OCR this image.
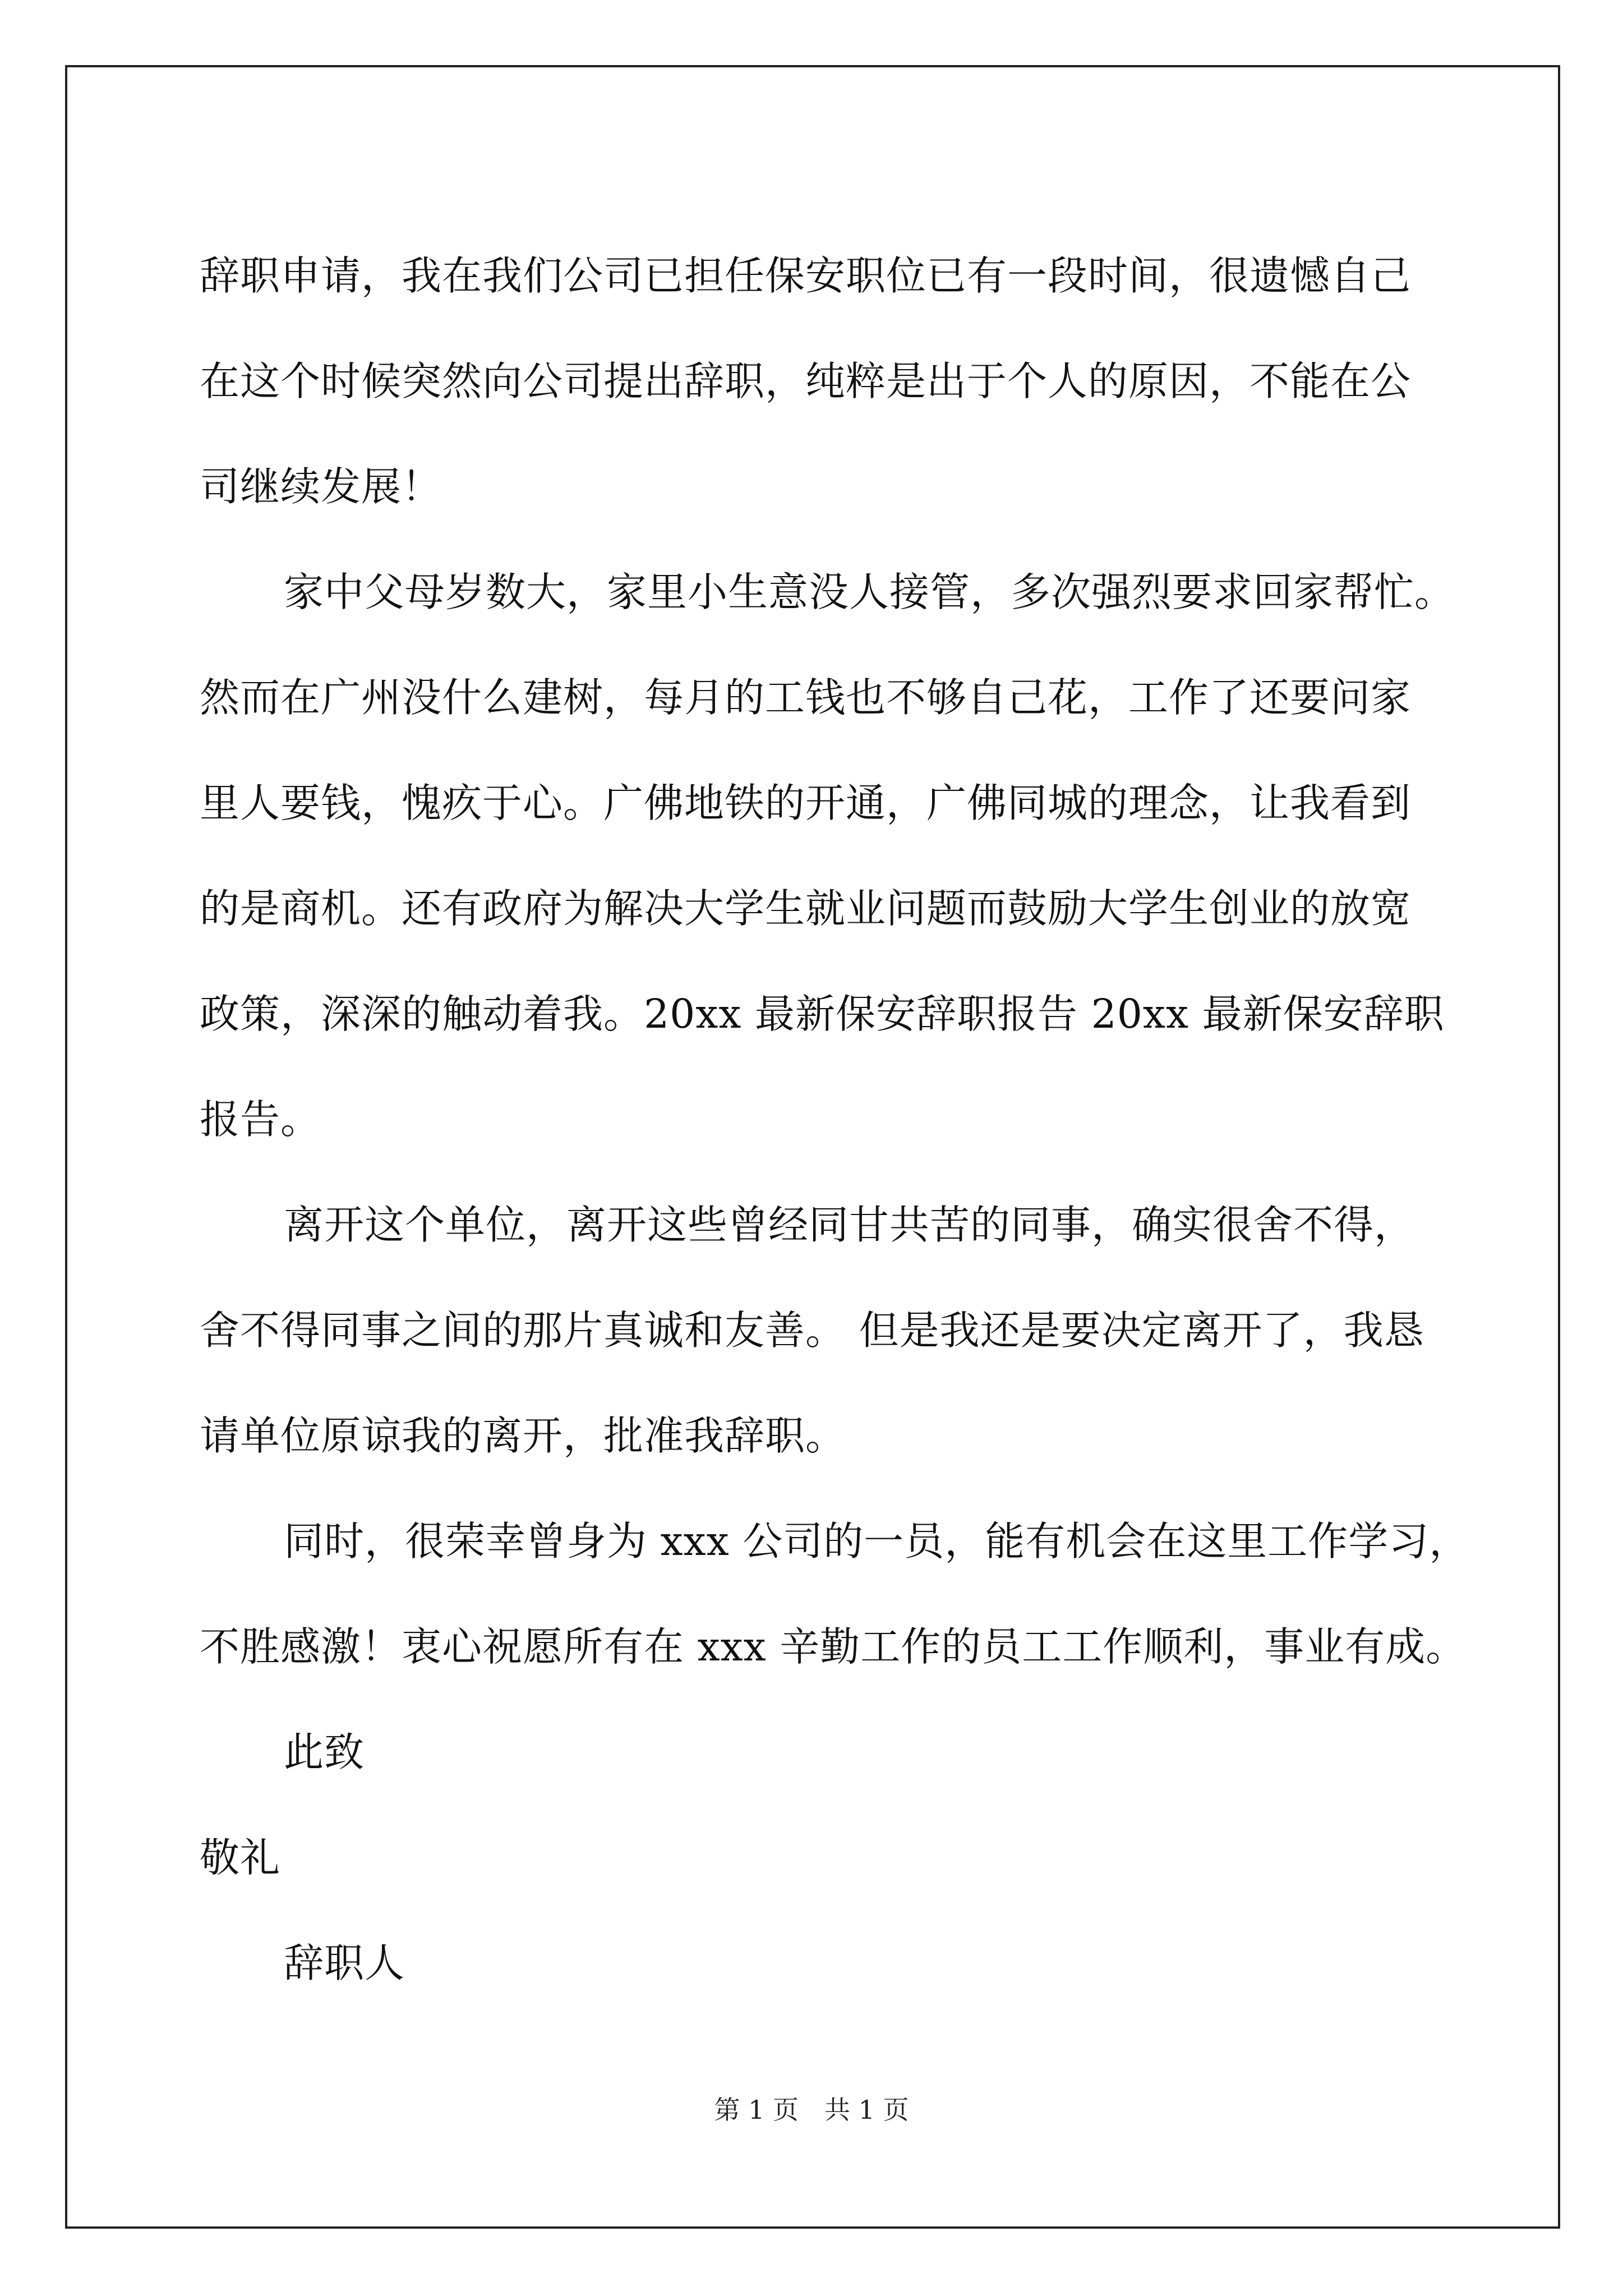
辞职申请，我在我们公司已担任保安职位已有一段时间，很遗憾自己
在这个时候突然向公司提出辞职，纯粹是出于个人的原因，不能在公
司继续发展！

家中父母岁数大，家里小生意没人接管，多次强烈要求回家帮忙。
然而在广州没什么建树，每月的工钱也不够自己花，工作了还要问家
里人要钱，愧疚于心。广佛地铁的开通，广佛同城的理念，让我看到
的是商机。还有政府为解决大学生就业问题而鼓励大学生创业的放宽
政策，深深的触动着我。20xx 最新保安辞职报告 20xx 最新保安辞职
报告。

离开这个单位，离开这些曾经同甘共苦的同事，确实很舍不得，
舍不得同事之间的那片真诚和友善。 但是我还是要决定离开了，我恳
请单位原谅我的离开，批准我辞职。

同时，很荣幸曾身为 xxx 公司的一员，能有机会在这里工作学习，
不胜感激！衷心祝愿所有在 xxx 辛勤工作的员工工作顺利，事业有成。

此致

敬礼

辞职人

第 1 页 共 1 页
